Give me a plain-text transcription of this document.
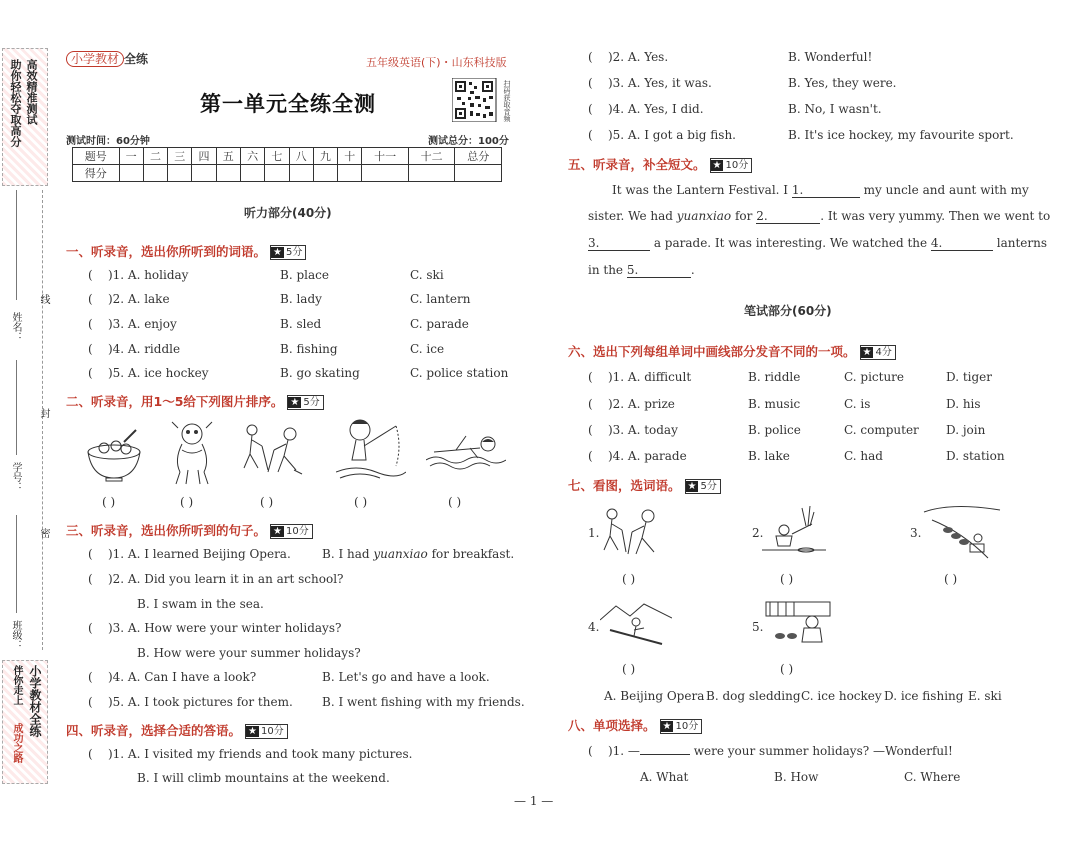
高效精准测试
助你轻松夺取高分
姓名：
线
学号：
封
密
班级：
小学教材全练
伴你走上
成功之路
小学教材 全练	五年级英语(下)・山东科技版
第一单元全练全测	扫码获取音频
测试时间：60分钟	测试总分：100分
题号	一	二	三	四	五	六	七	八	九	十	十一	十二	总分
得分													
听力部分(40分)
一、听录音，选出你所听到的词语。 ★ 5分
(    )1. A. holiday	B. place	C. ski
(    )2. A. lake	B. lady	C. lantern
(    )3. A. enjoy	B. sled	C. parade
(    )4. A. riddle	B. fishing	C. ice
(    )5. A. ice hockey	B. go skating	C. police station
二、听录音，用1～5给下列图片排序。 ★ 5分
( )	( )	( )	( )	( )
三、听录音，选出你所听到的句子。 ★ 10分
(    )1. A. I learned Beijing Opera.	B. I had yuanxiao for breakfast.
(    )2. A. Did you learn it in an art school?
B. I swam in the sea.
(    )3. A. How were your winter holidays?
B. How were your summer holidays?
(    )4. A. Can I have a look?	B. Let's go and have a look.
(    )5. A. I took pictures for them. B. I went fishing with my friends.
四、听录音，选择合适的答语。 ★ 10分
(    )1. A. I visited my friends and took many pictures.
B. I will climb mountains at the weekend.
(    )2. A. Yes.	B. Wonderful!
(    )3. A. Yes, it was.	B. Yes, they were.
(    )4. A. Yes, I did.	B. No, I wasn't.
(    )5. A. I got a big fish.	B. It's ice hockey, my favourite sport.
五、听录音，补全短文。 ★ 10分
It was the Lantern Festival. I 1.	my uncle and aunt with my
sister. We had yuanxiao for 2.	. It was very yummy. Then we went to
3.	a parade. It was interesting. We watched the 4.	lanterns
in the 5.	.
笔试部分(60分)
六、选出下列每组单词中画线部分发音不同的一项。 ★ 4分
(    )1. A. difficult	B. riddle	C. picture	D. tiger
(    )2. A. prize	B. music	C. is	D. his
(    )3. A. today	B. police	C. computer D. join
(    )4. A. parade	B. lake	C. had	D. station
七、看图，选词语。 ★ 5分
1.	2.	3.
( )	( )	( )
4.	5.
( )	( )
A. Beijing Opera B. dog sledding C. ice hockey D. ice fishing E. ski
八、单项选择。 ★ 10分
(    )1. —	were your summer holidays? —Wonderful!
A. What	B. How	C. Where
— 1 —
